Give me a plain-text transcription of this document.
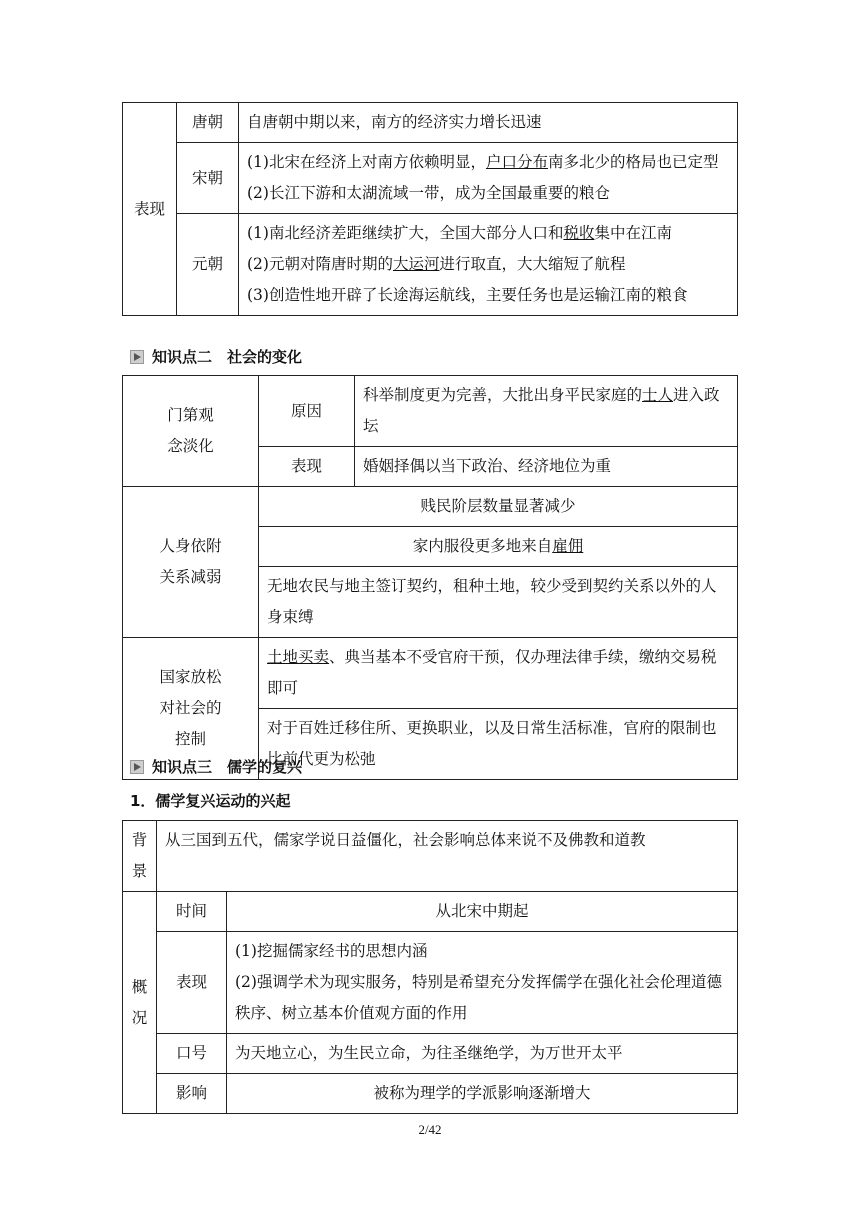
表现	唐朝	自唐朝中期以来，南方的经济实力增长迅速
	宋朝	(1)北宋在经济上对南方依赖明显，户口分布南多北少的格局也已定型
(2)长江下游和太湖流域一带，成为全国最重要的粮仓

	元朝	(1)南北经济差距继续扩大，全国大部分人口和税收集中在江南
(2)元朝对隋唐时期的大运河进行取直，大大缩短了航程
(3)创造性地开辟了长途海运航线，主要任务也是运输江南的粮食
知识点二　社会的变化
门第观
念淡化	原因	科举制度更为完善，大批出身平民家庭的士人进入政坛
	表现	婚姻择偶以当下政治、经济地位为重

人身依附
关系减弱	贱民阶层数量显著减少	
	家内服役更多地来自雇佣	
	无地农民与地主签订契约，租种土地，较少受到契约关系以外的人身束缚	

国家放松
对社会的
控制	土地买卖、典当基本不受官府干预，仅办理法律手续，缴纳交易税即可	
	对于百姓迁移住所、更换职业，以及日常生活标准，官府的限制也比前代更为松弛	
知识点三　儒学的复兴
1．儒学复兴运动的兴起
背景	从三国到五代，儒家学说日益僵化，社会影响总体来说不及佛教和道教	
概况	时间	从北宋中期起
	表现	(1)挖掘儒家经书的思想内涵
(2)强调学术为现实服务，特别是希望充分发挥儒学在强化社会伦理道德秩序、树立基本价值观方面的作用

	口号	为天地立心，为生民立命，为往圣继绝学，为万世开太平
	影响	被称为理学的学派影响逐渐增大
2/42
